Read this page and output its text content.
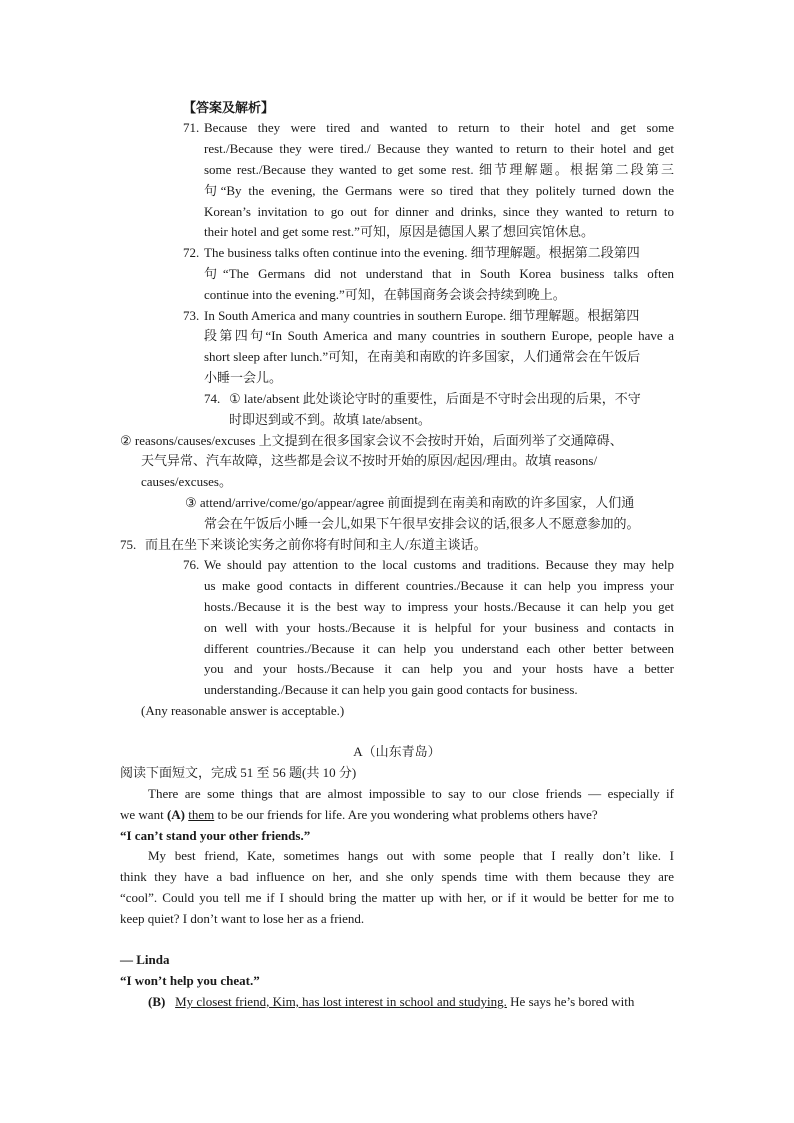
【答案及解析】
71. Because they were tired and wanted to return to their hotel and get some
rest./Because they were tired./ Because they wanted to return to their hotel and get
some rest./Because they wanted to get some rest. 细节理解题。根据第二段第三
句“By the evening, the Germans were so tired that they politely turned down the
Korean’s invitation to go out for dinner and drinks, since they wanted to return to
their hotel and get some rest.”可知，原因是德国人累了想回宾馆休息。
72. The business talks often continue into the evening. 细节理解题。根据第二段第四
句“The Germans did not understand that in South Korea business talks often
continue into the evening.”可知，在韩国商务会谈会持续到晚上。
73. In South America and many countries in southern Europe. 细节理解题。根据第四
段第四句“In South America and many countries in southern Europe, people have a
short sleep after lunch.”可知，在南美和南欧的许多国家，人们通常会在午饭后
小睡一会儿。
74. ① late/absent 此处谈论守时的重要性，后面是不守时会出现的后果，不守
时即迟到或不到。故填 late/absent。
② reasons/causes/excuses 上文提到在很多国家会议不会按时开始，后面列举了交通障碍、
天气异常、汽车故障，这些都是会议不按时开始的原因/起因/理由。故填 reasons/
causes/excuses。
③ attend/arrive/come/go/appear/agree 前面提到在南美和南欧的许多国家，人们通
常会在午饭后小睡一会儿,如果下午很早安排会议的话,很多人不愿意参加的。
75. 而且在坐下来谈论实务之前你将有时间和主人/东道主谈话。
76. We should pay attention to the local customs and traditions. Because they may help
us make good contacts in different countries./Because it can help you impress your
hosts./Because it is the best way to impress your hosts./Because it can help you get
on well with your hosts./Because it is helpful for your business and contacts in
different countries./Because it can help you understand each other better between
you and your hosts./Because it can help you and your hosts have a better
understanding./Because it can help you gain good contacts for business.
(Any reasonable answer is acceptable.)
A（山东青岛）
阅读下面短文，完成 51 至 56 题(共 10 分)
There are some things that are almost impossible to say to our close friends — especially if
we want (A) them to be our friends for life. Are you wondering what problems others have?
“I can’t stand your other friends.”
My best friend, Kate, sometimes hangs out with some people that I really don’t like. I
think they have a bad influence on her, and she only spends time with them because they are
“cool”. Could you tell me if I should bring the matter up with her, or if it would be better for me to
keep quiet? I don’t want to lose her as a friend.
— Linda
“I won’t help you cheat.”
(B) My closest friend, Kim, has lost interest in school and studying. He says he’s bored with
